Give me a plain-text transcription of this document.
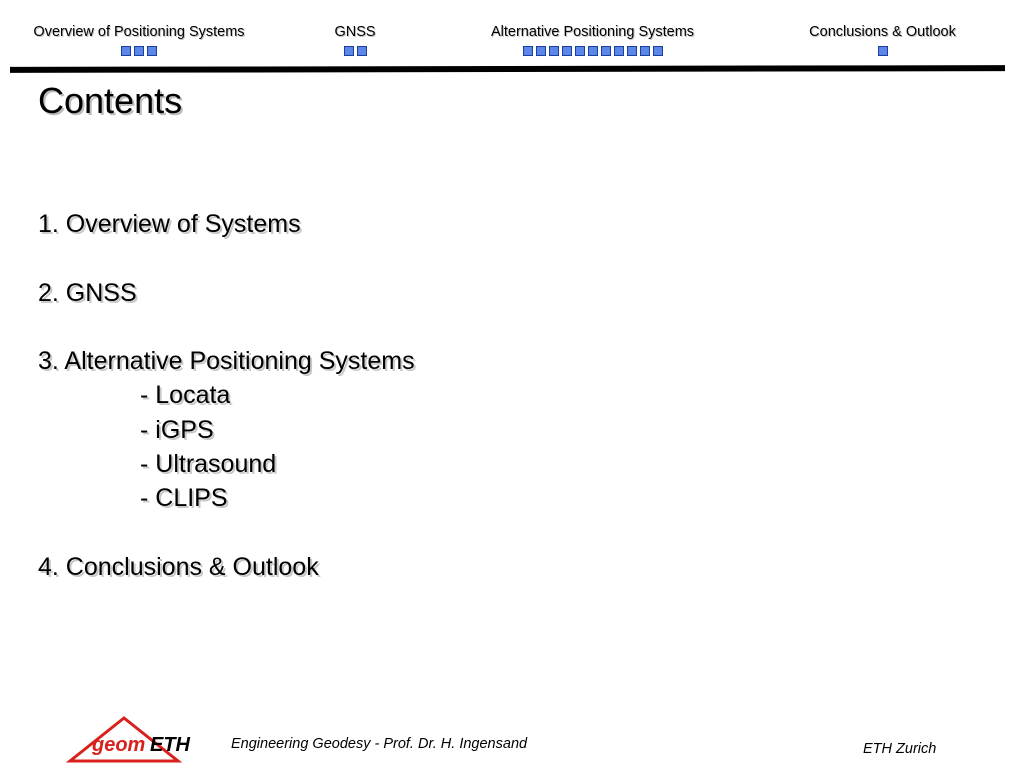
Overview of Positioning Systems	GNSS	Alternative Positioning Systems	Conclusions & Outlook
Contents
1. Overview of Systems
2. GNSS
3. Alternative Positioning Systems
- Locata
- iGPS
- Ultrasound
- CLIPS
4. Conclusions & Outlook
geom ETH	Engineering Geodesy - Prof. Dr. H. Ingensand	ETH Zurich
